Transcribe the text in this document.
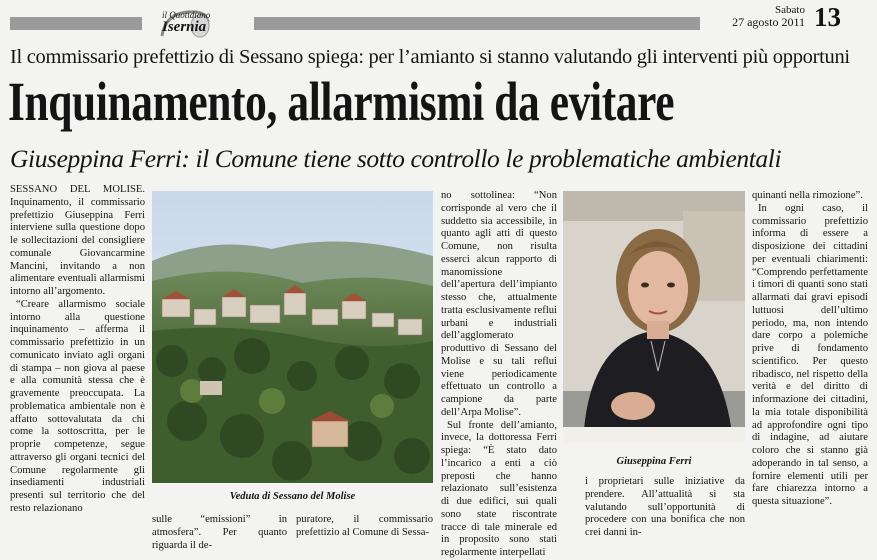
il Quotidiano
Isernia
Sabato
27 agosto 2011 13
Il commissario prefettizio di Sessano spiega: per l’amianto si stanno valutando gli interventi più opportuni
Inquinamento, allarmismi da evitare
Giuseppina Ferri: il Comune tiene sotto controllo le problematiche ambientali

SESSANO DEL MOLISE. Inquinamento, il commissario prefettizio Giuseppina Ferri interviene sulla questione dopo le sollecitazioni del consigliere comunale Giovancarmine Mancini, invitando a non alimentare eventuali allarmismi intorno all’argomento.

“Creare allarmismo sociale intorno alla questione inquinamento – afferma il commissario prefettizio in un comunicato inviato agli organi di stampa – non giova al paese e alla comunità stessa che è gravemente preoccupata. La problematica ambientale non è affatto sottovalutata da chi come la sottoscritta, per le proprie competenze, segue attraverso gli organi tecnici del Comune regolarmente gli insediamenti industriali presenti sul territorio che del resto relazionano

Veduta di Sessano del Molise

sulle “emissioni” in atmosfera”. Per quanto riguarda il de-

puratore, il commissario prefettizio al Comune di Sessa-

no sottolinea: “Non corrisponde al vero che il suddetto sia accessibile, in quanto agli atti di questo Comune, non risulta esserci alcun rapporto di manomissione dell’apertura dell’impianto stesso che, attualmente tratta esclusivamente reflui urbani e industriali dell’agglomerato produttivo di Sessano del Molise e su tali reflui viene periodicamente effettuato un controllo a campione da parte dell’Arpa Molise”.

Sul fronte dell’amianto, invece, la dottoressa Ferri spiega: “È stato dato l’incarico a enti a ciò preposti che hanno relazionato sull’esistenza di due edifici, sui quali sono state riscontrate tracce di tale minerale ed in proposito sono stati regolarmente interpellati

Giuseppina Ferri

i proprietari sulle iniziative da prendere. All’attualità si sta valutando sull’opportunità di procedere con una bonifica che non crei danni in-

quinanti nella rimozione”.

In ogni caso, il commissario prefettizio informa di essere a disposizione dei cittadini per eventuali chiarimenti: “Comprendo perfettamente i timori di quanti sono stati allarmati dai gravi episodi luttuosi dell’ultimo periodo, ma, non intendo dare corpo a polemiche prive di fondamento scientifico. Per questo ribadisco, nel rispetto della verità e del diritto di informazione dei cittadini, la mia totale disponibilità ad approfondire ogni tipo di indagine, ad aiutare coloro che si stanno già adoperando in tal senso, a fornire elementi utili per fare chiarezza intorno a questa situazione”.
